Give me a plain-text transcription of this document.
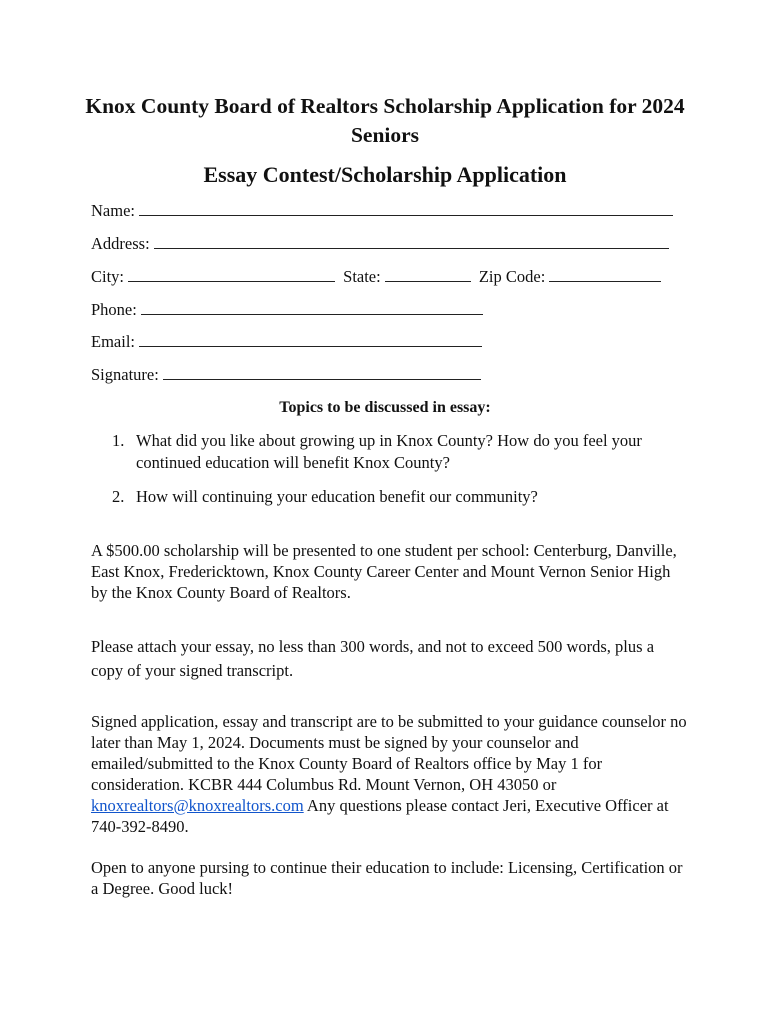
Knox County Board of Realtors Scholarship Application for 2024 Seniors
Essay Contest/Scholarship Application
Name:
Address:
City:	State:	Zip Code:
Phone:
Email:
Signature:
Topics to be discussed in essay:
1. What did you like about growing up in Knox County? How do you feel your continued education will benefit Knox County?
2. How will continuing your education benefit our community?

A $500.00 scholarship will be presented to one student per school: Centerburg, Danville, East Knox, Fredericktown, Knox County Career Center and Mount Vernon Senior High by the Knox County Board of Realtors.

Please attach your essay, no less than 300 words, and not to exceed 500 words, plus a copy of your signed transcript.

Signed application, essay and transcript are to be submitted to your guidance counselor no later than May 1, 2024. Documents must be signed by your counselor and emailed/submitted to the Knox County Board of Realtors office by May 1 for consideration. KCBR 444 Columbus Rd. Mount Vernon, OH 43050 or knoxrealtors@knoxrealtors.com Any questions please contact Jeri, Executive Officer at 740-392-8490.

Open to anyone pursing to continue their education to include: Licensing, Certification or a Degree. Good luck!
